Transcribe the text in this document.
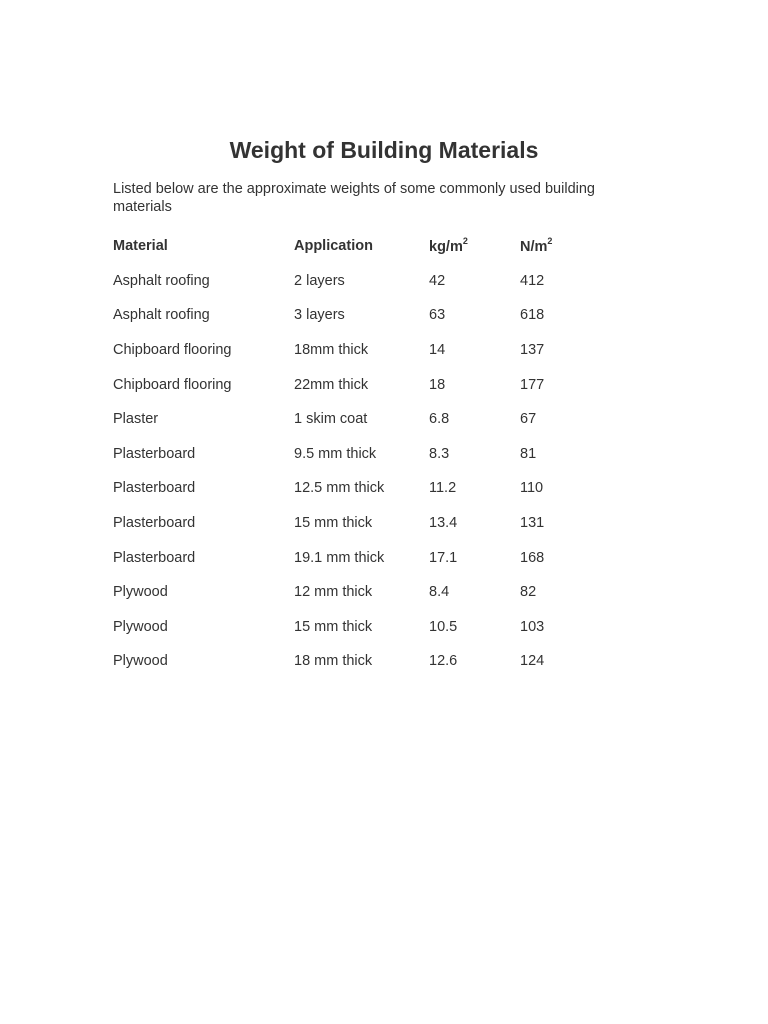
Weight of Building Materials

Listed below are the approximate weights of some commonly used building materials

Material	Application	$kg/m^2$	$N/m^2$
Asphalt roofing	2 layers	42	412
Asphalt roofing	3 layers	63	618
Chipboard flooring	18mm thick	14	137
Chipboard flooring	22mm thick	18	177
Plaster	1 skim coat	6.8	67
Plasterboard	9.5 mm thick	8.3	81
Plasterboard	12.5 mm thick	11.2	110
Plasterboard	15 mm thick	13.4	131
Plasterboard	19.1 mm thick	17.1	168
Plywood	12 mm thick	8.4	82
Plywood	15 mm thick	10.5	103
Plywood	18 mm thick	12.6	124
